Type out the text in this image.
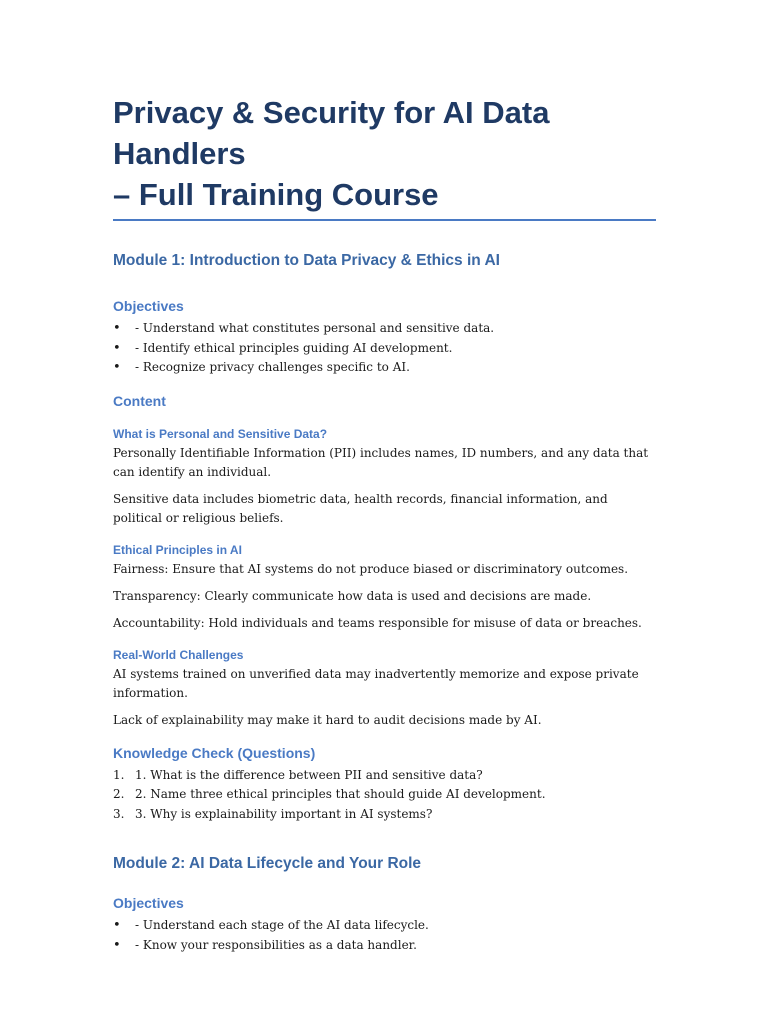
Privacy & Security for AI Data Handlers
– Full Training Course
Module 1: Introduction to Data Privacy & Ethics in AI
Objectives
• - Understand what constitutes personal and sensitive data.
• - Identify ethical principles guiding AI development.
• - Recognize privacy challenges specific to AI.
Content
What is Personal and Sensitive Data?

Personally Identifiable Information (PII) includes names, ID numbers, and any data that can identify an individual.

Sensitive data includes biometric data, health records, financial information, and political or religious beliefs.

Ethical Principles in AI

Fairness: Ensure that AI systems do not produce biased or discriminatory outcomes.

Transparency: Clearly communicate how data is used and decisions are made.

Accountability: Hold individuals and teams responsible for misuse of data or breaches.

Real-World Challenges

AI systems trained on unverified data may inadvertently memorize and expose private information.

Lack of explainability may make it hard to audit decisions made by AI.

Knowledge Check (Questions)
1. 1. What is the difference between PII and sensitive data?
2. 2. Name three ethical principles that should guide AI development.
3. 3. Why is explainability important in AI systems?
Module 2: AI Data Lifecycle and Your Role
Objectives
• - Understand each stage of the AI data lifecycle.
• - Know your responsibilities as a data handler.
